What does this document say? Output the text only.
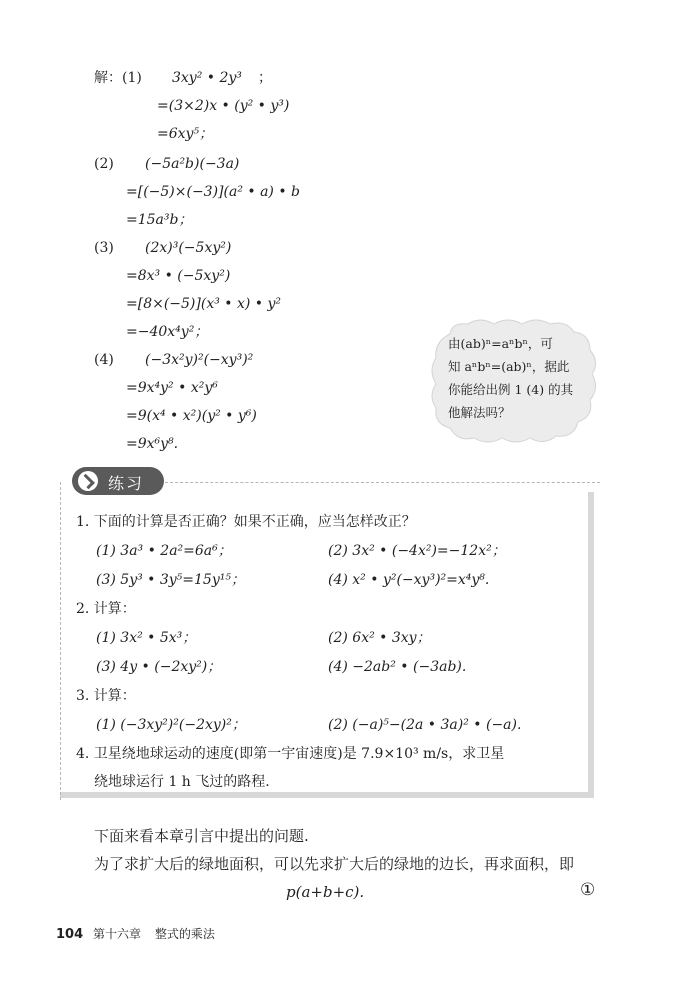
解：(1) 3xy² • 2y³ ；
=(3×2)x • (y² • y³)
=6xy⁵；
(2) (−5a²b)(−3a)
=[(−5)×(−3)](a² • a) • b
=15a³b；
(3) (2x)³(−5xy²)
=8x³ • (−5xy²)
=[8×(−5)](x³ • x) • y²
=−40x⁴y²；
(4) (−3x²y)²(−xy³)²
=9x⁴y² • x²y⁶
=9(x⁴ • x²)(y² • y⁶)
=9x⁶y⁸.
由(ab)ⁿ=aⁿbⁿ，可
知 aⁿbⁿ=(ab)ⁿ，据此
你能给出例 1 (4) 的其
他解法吗？
练习
1. 下面的计算是否正确？如果不正确，应当怎样改正？
(1) 3a³ • 2a²=6a⁶；	(2) 3x² • (−4x²)=−12x²；
(3) 5y³ • 3y⁵=15y¹⁵；	(4) x² • y²(−xy³)²=x⁴y⁸.
2. 计算：
(1) 3x² • 5x³；	(2) 6x² • 3xy；
(3) 4y • (−2xy²)；	(4) −2ab² • (−3ab).
3. 计算：
(1) (−3xy²)²(−2xy)²；	(2) (−a)⁵−(2a • 3a)² • (−a).
4. 卫星绕地球运动的速度(即第一宇宙速度)是 7.9×10³ m/s，求卫星
绕地球运行 1 h 飞过的路程.
下面来看本章引言中提出的问题.
为了求扩大后的绿地面积，可以先求扩大后的绿地的边长，再求面积，即
p(a+b+c).	①
104 第十六章 整式的乘法
